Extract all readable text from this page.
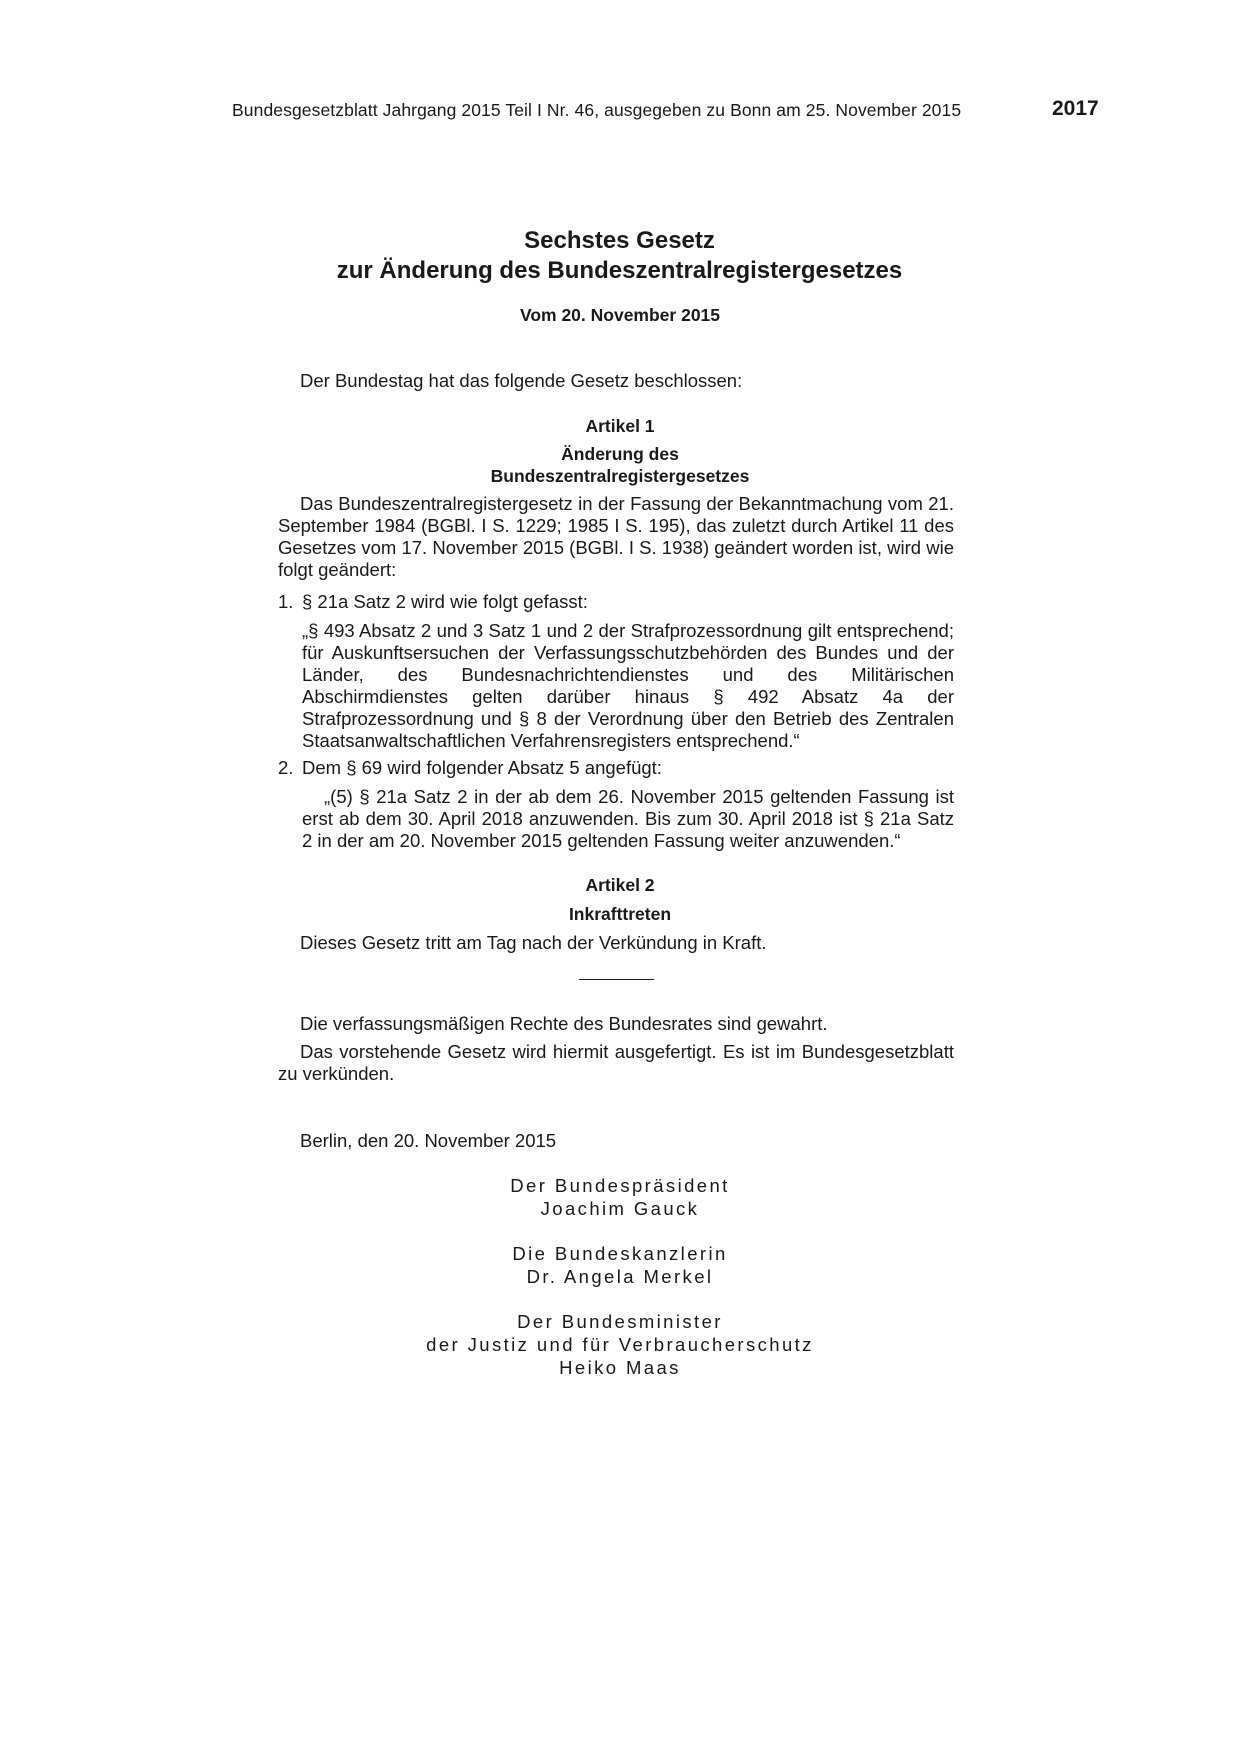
Bundesgesetzblatt Jahrgang 2015 Teil I Nr. 46, ausgegeben zu Bonn am 25. November 2015	2017
Sechstes Gesetz
zur Änderung des Bundeszentralregistergesetzes
Vom 20. November 2015
Der Bundestag hat das folgende Gesetz beschlossen:
Artikel 1
Änderung des
Bundeszentralregistergesetzes
Das Bundeszentralregistergesetz in der Fassung der Bekanntmachung vom 21. September 1984 (BGBl. I S. 1229; 1985 I S. 195), das zuletzt durch Artikel 11 des Gesetzes vom 17. November 2015 (BGBl. I S. 1938) geändert worden ist, wird wie folgt geändert:
1. § 21a Satz 2 wird wie folgt gefasst:
„§ 493 Absatz 2 und 3 Satz 1 und 2 der Strafprozessordnung gilt entsprechend; für Auskunftsersuchen der Verfassungsschutzbehörden des Bundes und der Länder, des Bundesnachrichtendienstes und des Militärischen Abschirmdienstes gelten darüber hinaus § 492 Absatz 4a der Strafprozessordnung und § 8 der Verordnung über den Betrieb des Zentralen Staatsanwaltschaftlichen Verfahrensregisters entsprechend.“
2. Dem § 69 wird folgender Absatz 5 angefügt:
„(5) § 21a Satz 2 in der ab dem 26. November 2015 geltenden Fassung ist erst ab dem 30. April 2018 anzuwenden. Bis zum 30. April 2018 ist § 21a Satz 2 in der am 20. November 2015 geltenden Fassung weiter anzuwenden.“
Artikel 2
Inkrafttreten
Dieses Gesetz tritt am Tag nach der Verkündung in Kraft.
Die verfassungsmäßigen Rechte des Bundesrates sind gewahrt.
Das vorstehende Gesetz wird hiermit ausgefertigt. Es ist im Bundesgesetzblatt zu verkünden.
Berlin, den 20. November 2015
Der Bundespräsident
Joachim Gauck
Die Bundeskanzlerin
Dr. Angela Merkel
Der Bundesminister
der Justiz und für Verbraucherschutz
Heiko Maas
